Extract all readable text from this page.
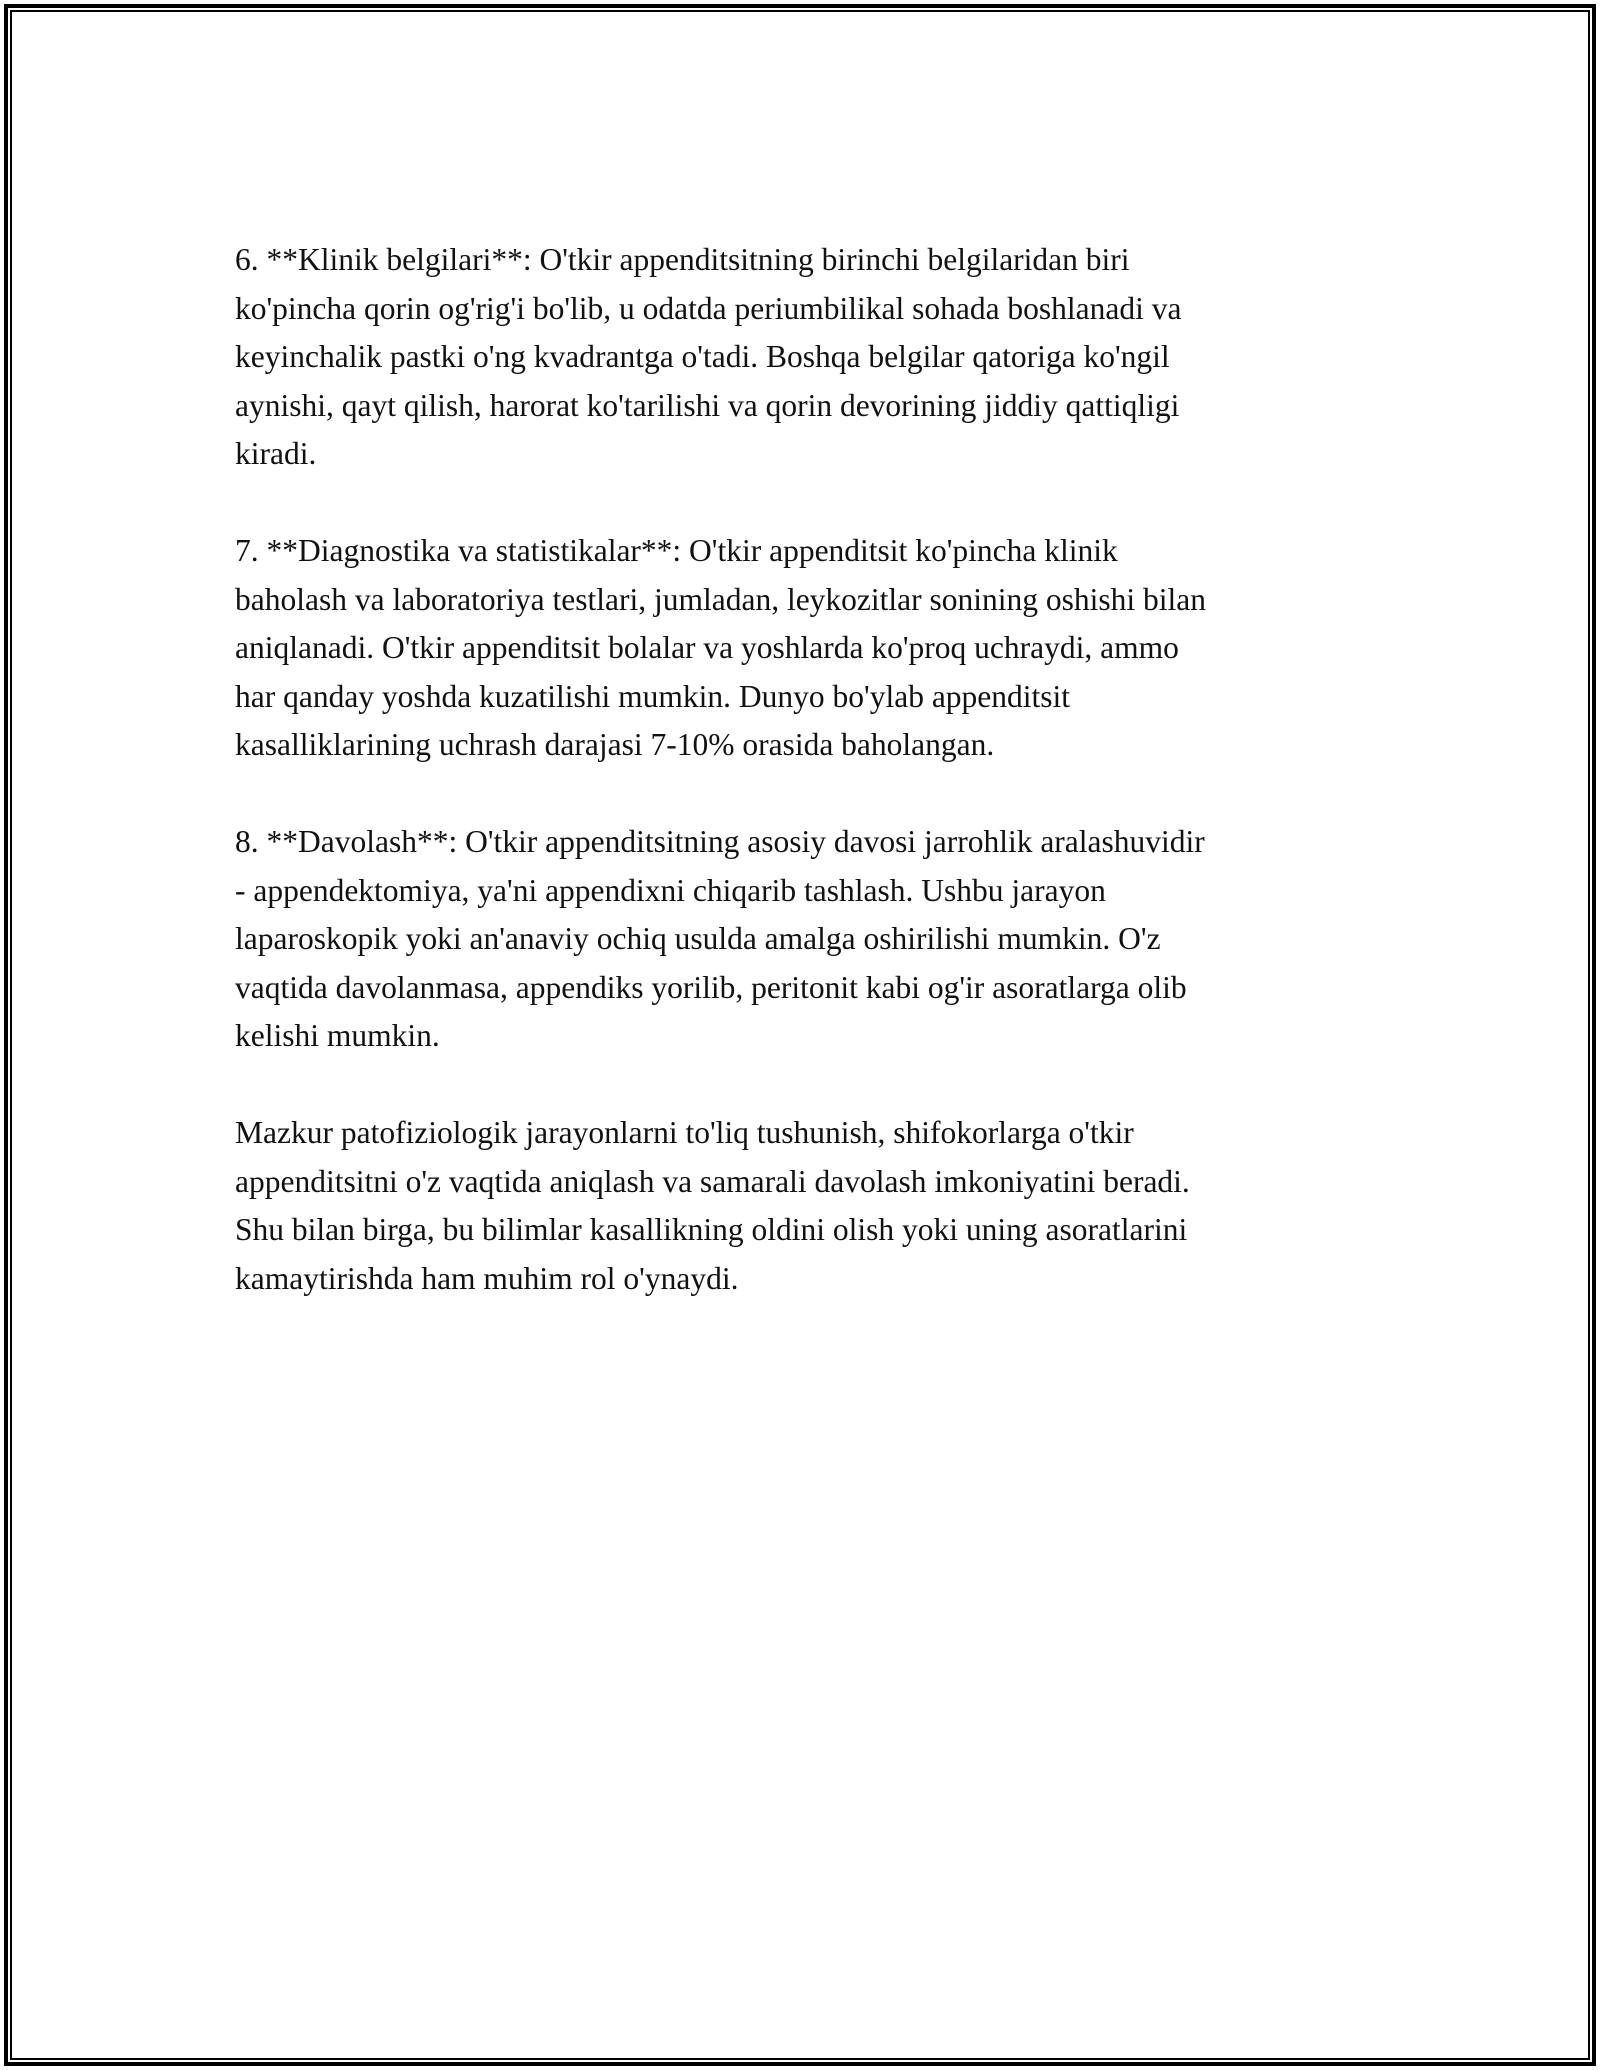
6. **Klinik belgilari**: O'tkir appenditsitning birinchi belgilaridan biri
ko'pincha qorin og'rig'i bo'lib, u odatda periumbilikal sohada boshlanadi va
keyinchalik pastki o'ng kvadrantga o'tadi. Boshqa belgilar qatoriga ko'ngil
aynishi, qayt qilish, harorat ko'tarilishi va qorin devorining jiddiy qattiqligi
kiradi.

7. **Diagnostika va statistikalar**: O'tkir appenditsit ko'pincha klinik
baholash va laboratoriya testlari, jumladan, leykozitlar sonining oshishi bilan
aniqlanadi. O'tkir appenditsit bolalar va yoshlarda ko'proq uchraydi, ammo
har qanday yoshda kuzatilishi mumkin. Dunyo bo'ylab appenditsit
kasalliklarining uchrash darajasi 7-10% orasida baholangan.

8. **Davolash**: O'tkir appenditsitning asosiy davosi jarrohlik aralashuvidir
- appendektomiya, ya'ni appendixni chiqarib tashlash. Ushbu jarayon
laparoskopik yoki an'anaviy ochiq usulda amalga oshirilishi mumkin. O'z
vaqtida davolanmasa, appendiks yorilib, peritonit kabi og'ir asoratlarga olib
kelishi mumkin.

Mazkur patofiziologik jarayonlarni to'liq tushunish, shifokorlarga o'tkir
appenditsitni o'z vaqtida aniqlash va samarali davolash imkoniyatini beradi.
Shu bilan birga, bu bilimlar kasallikning oldini olish yoki uning asoratlarini
kamaytirishda ham muhim rol o'ynaydi.
